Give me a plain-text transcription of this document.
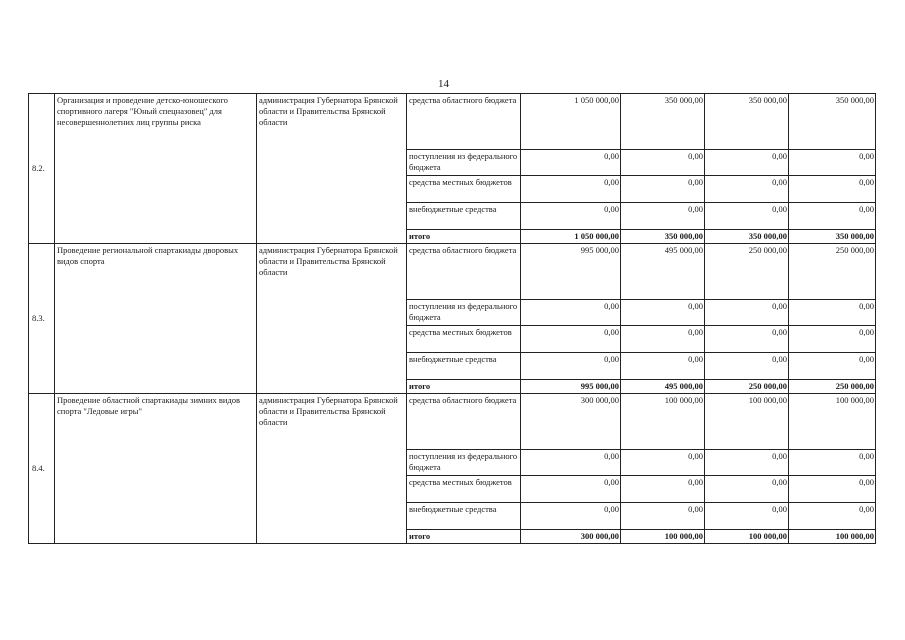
14
8.2.	Организация и проведение детско-юношеского спортивного лагеря "Юный спецназовец" для несовершеннолетних лиц группы риска	администрация Губернатора Брянской области и Правительства Брянской области	средства областного бюджета	1 050 000,00	350 000,00	350 000,00	350 000,00
			поступления из федерального бюджета	0,00	0,00	0,00	0,00
			средства местных бюджетов	0,00	0,00	0,00	0,00
			внебюджетные средства	0,00	0,00	0,00	0,00
			итого	1 050 000,00	350 000,00	350 000,00	350 000,00
8.3.	Проведение региональной спартакиады дворовых видов спорта	администрация Губернатора Брянской области и Правительства Брянской области	средства областного бюджета	995 000,00	495 000,00	250 000,00	250 000,00
			поступления из федерального бюджета	0,00	0,00	0,00	0,00
			средства местных бюджетов	0,00	0,00	0,00	0,00
			внебюджетные средства	0,00	0,00	0,00	0,00
			итого	995 000,00	495 000,00	250 000,00	250 000,00
8.4.	Проведение областной спартакиады зимних видов спорта "Ледовые игры"	администрация Губернатора Брянской области и Правительства Брянской области	средства областного бюджета	300 000,00	100 000,00	100 000,00	100 000,00
			поступления из федерального бюджета	0,00	0,00	0,00	0,00
			средства местных бюджетов	0,00	0,00	0,00	0,00
			внебюджетные средства	0,00	0,00	0,00	0,00
			итого	300 000,00	100 000,00	100 000,00	100 000,00
